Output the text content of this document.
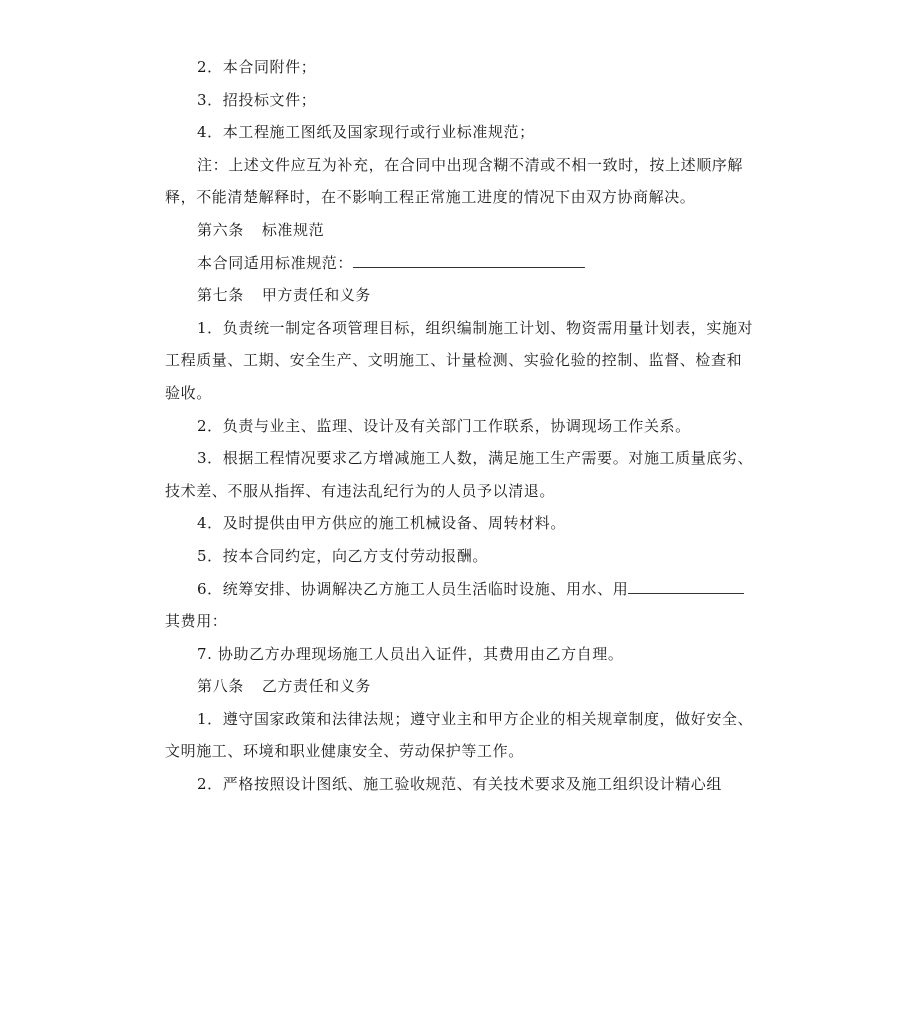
2．本合同附件；

3．招投标文件；

4．本工程施工图纸及国家现行或行业标准规范；

注：上述文件应互为补充，在合同中出现含糊不清或不相一致时，按上述顺序解释，不能清楚解释时，在不影响工程正常施工进度的情况下由双方协商解决。

第六条 标准规范

本合同适用标准规范：

第七条 甲方责任和义务

1．负责统一制定各项管理目标，组织编制施工计划、物资需用量计划表，实施对工程质量、工期、安全生产、文明施工、计量检测、实验化验的控制、监督、检查和验收。

2．负责与业主、监理、设计及有关部门工作联系，协调现场工作关系。

3．根据工程情况要求乙方增减施工人数，满足施工生产需要。对施工质量底劣、技术差、不服从指挥、有违法乱纪行为的人员予以清退。

4．及时提供由甲方供应的施工机械设备、周转材料。

5．按本合同约定，向乙方支付劳动报酬。

6．统筹安排、协调解决乙方施工人员生活临时设施、用水、用其费用：

7. 协助乙方办理现场施工人员出入证件，其费用由乙方自理。

第八条 乙方责任和义务

1．遵守国家政策和法律法规；遵守业主和甲方企业的相关规章制度，做好安全、文明施工、环境和职业健康安全、劳动保护等工作。

2．严格按照设计图纸、施工验收规范、有关技术要求及施工组织设计精心组
